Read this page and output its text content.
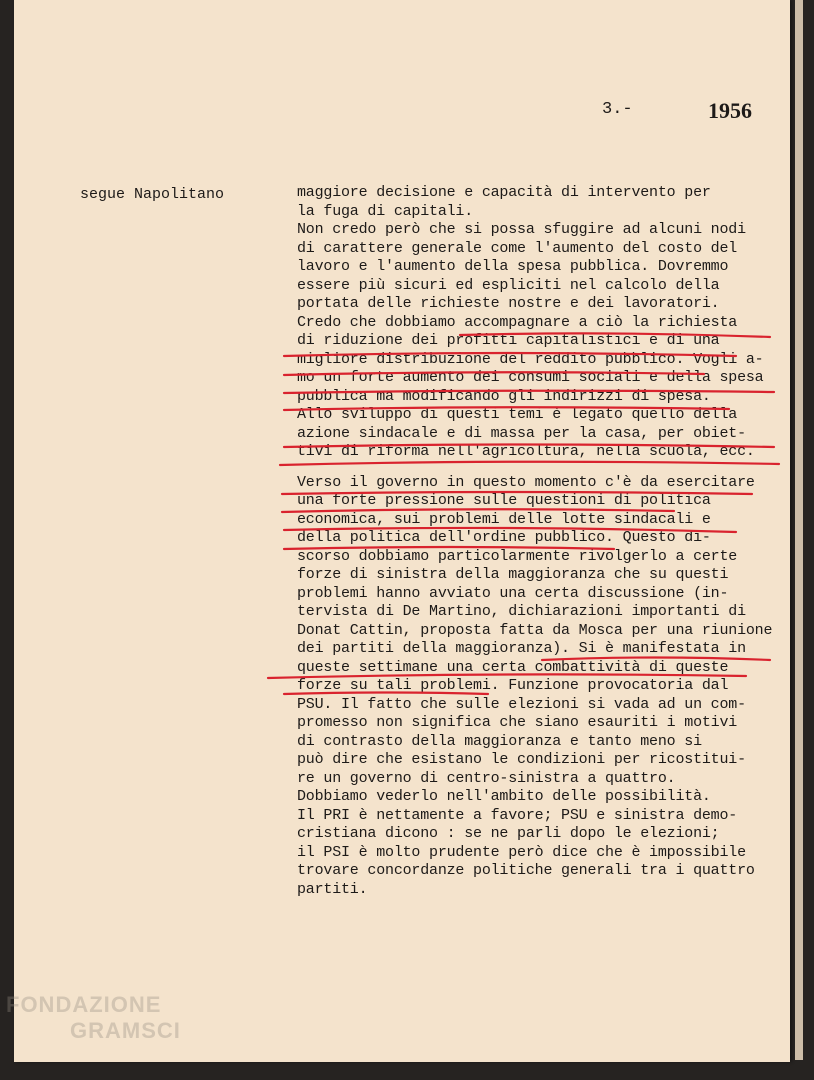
3.-	1956
segue Napolitano	maggiore decisione e capacità di intervento per
la fuga di capitali.
Non credo però che si possa sfuggire ad alcuni nodi
di carattere generale come l'aumento del costo del
lavoro e l'aumento della spesa pubblica. Dovremmo
essere più sicuri ed espliciti nel calcolo della
portata delle richieste nostre e dei lavoratori.
Credo che dobbiamo accompagnare a ciò la richiesta
di riduzione dei profitti capitalistici e di una
migliore distribuzione del reddito pubblico. Vogli a-
mo un forte aumento dei consumi sociali e della spesa
pubblica ma modificando gli indirizzi di spesa.
Allo sviluppo di questi temi è legato quello della
azione sindacale e di massa per la casa, per obiet-
tivi di riforma nell'agricoltura, nella scuola, ecc.
Verso il governo in questo momento c'è da esercitare
una forte pressione sulle questioni di politica
economica, sui problemi delle lotte sindacali e
della politica dell'ordine pubblico. Questo di-
scorso dobbiamo particolarmente rivolgerlo a certe
forze di sinistra della maggioranza che su questi
problemi hanno avviato una certa discussione (in-
tervista di De Martino, dichiarazioni importanti di
Donat Cattin, proposta fatta da Mosca per una riunione
dei partiti della maggioranza). Si è manifestata in
queste settimane una certa combattività di queste
forze su tali problemi. Funzione provocatoria dal
PSU. Il fatto che sulle elezioni si vada ad un com-
promesso non significa che siano esauriti i motivi
di contrasto della maggioranza e tanto meno si
può dire che esistano le condizioni per ricostitui-
re un governo di centro-sinistra a quattro.
Dobbiamo vederlo nell'ambito delle possibilità.
Il PRI è nettamente a favore; PSU e sinistra demo-
cristiana dicono : se ne parli dopo le elezioni;
il PSI è molto prudente però dice che è impossibile
trovare concordanze politiche generali tra i quattro
partiti.
FONDAZIONE
GRAMSCI
